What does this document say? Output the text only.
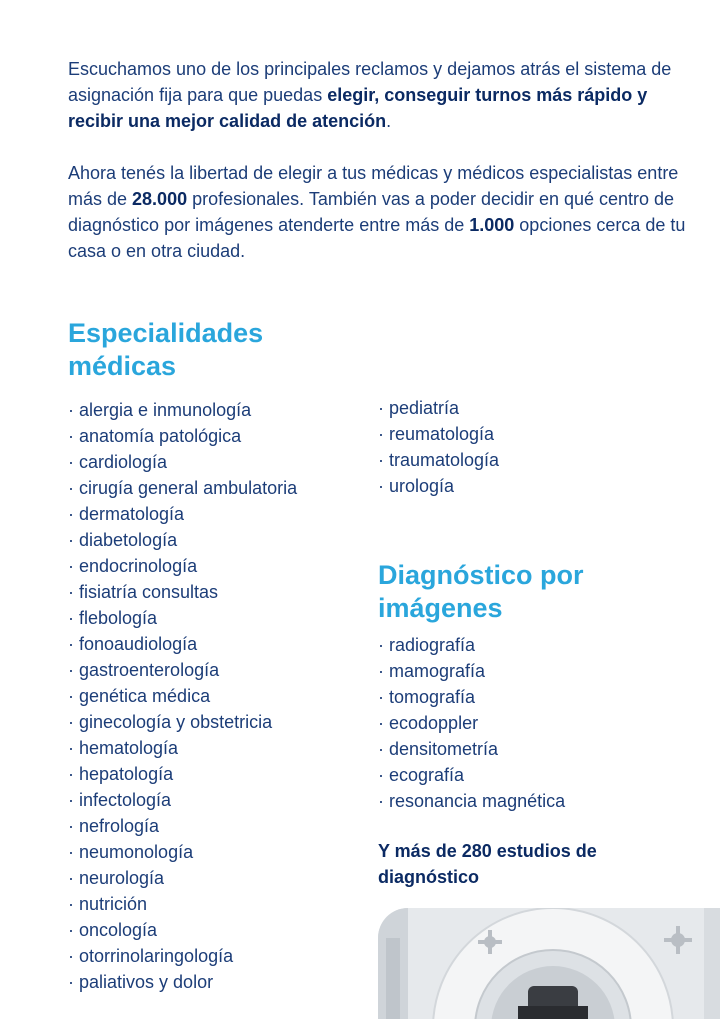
Escuchamos uno de los principales reclamos y dejamos atrás el sistema de asignación fija para que puedas elegir, conseguir turnos más rápido y recibir una mejor calidad de atención.

Ahora tenés la libertad de elegir a tus médicas y médicos especialistas entre más de 28.000 profesionales. También vas a poder decidir en qué centro de diagnóstico por imágenes atenderte entre más de 1.000 opciones cerca de tu casa o en otra ciudad.

Especialidades médicas
· alergia e inmunología
· anatomía patológica
· cardiología
· cirugía general ambulatoria
· dermatología
· diabetología
· endocrinología
· fisiatría consultas
· flebología
· fonoaudiología
· gastroenterología
· genética médica
· ginecología y obstetricia
· hematología
· hepatología
· infectología
· nefrología
· neumonología
· neurología
· nutrición
· oncología
· otorrinolaringología
· paliativos y dolor
· pediatría
· reumatología
· traumatología
· urología
Diagnóstico por imágenes
· radiografía
· mamografía
· tomografía
· ecodoppler
· densitometría
· ecografía
· resonancia magnética
Y más de 280 estudios de diagnóstico
